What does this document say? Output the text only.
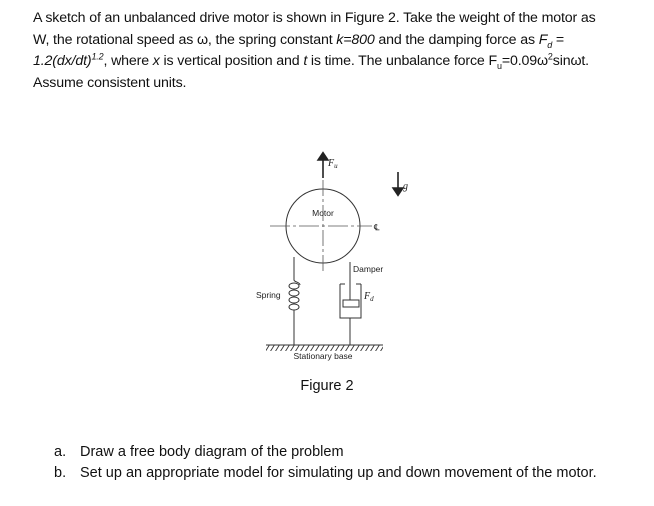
A sketch of an unbalanced drive motor is shown in Figure 2. Take the weight of the motor as
W, the rotational speed as ω, the spring constant k=800 and the damping force as $F_d$ =
$1.2(dx/dt)^{1.2}$, where x is vertical position and t is time. The unbalance force $F_u=0.09\omega^2\sin\omega t$.
Assume consistent units.
$F_u$
g
Motor
℄
Spring
Damper
$F_d$
Stationary base
Figure 2
a. Draw a free body diagram of the problem
b. Set up an appropriate model for simulating up and down movement of the motor.
